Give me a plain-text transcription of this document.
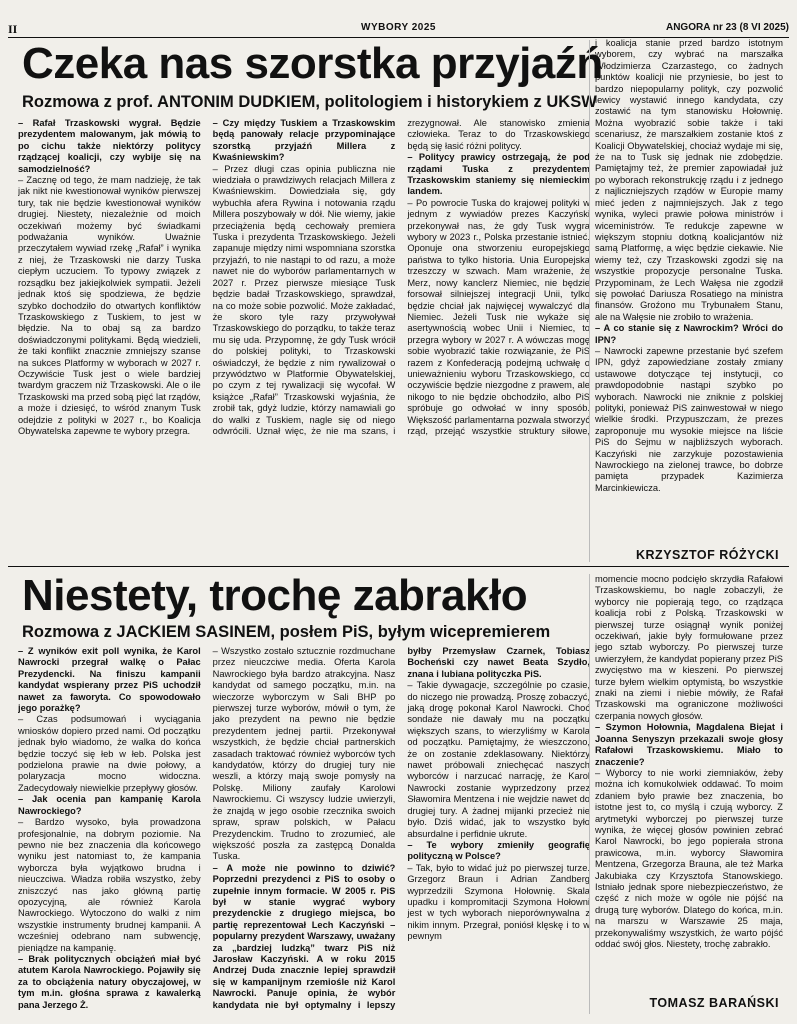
II	WYBORY 2025	ANGORA nr 23 (8 VI 2025)
Czeka nas szorstka przyjaźń
Rozmowa z prof. ANTONIM DUDKIEM, politologiem i historykiem z UKSW

– Rafał Trzaskowski wygrał. Będzie prezydentem malowanym, jak mówią to po cichu także niektórzy politycy rządzącej koalicji, czy wybije się na samodzielność?

– Zacznę od tego, że mam nadzieję, że tak jak nikt nie kwestionował wyników pierwszej tury, tak nie będzie kwestionował wyników drugiej. Niestety, niezależnie od moich oczekiwań możemy być świadkami podważania wyników. Uważnie przeczytałem wywiad rzekę „Rafał” i wynika z niej, że Trzaskowski nie darzy Tuska ciepłym uczuciem. To typowy związek z rozsądku bez jakiejkolwiek sympatii. Jeżeli jednak ktoś się spodziewa, że będzie szybko dochodziło do otwartych konfliktów Trzaskowskiego z Tuskiem, to jest w błędzie. Na to obaj są za bardzo doświadczonymi politykami. Będą wiedzieli, że taki konflikt znacznie zmniejszy szanse na sukces Platformy w wyborach w 2027 r. Oczywiście Tusk jest o wiele bardziej twardym graczem niż Trzaskowski. Ale o ile Trzaskowski ma przed sobą pięć lat rządów, a może i dziesięć, to wśród znanym Tusk odejdzie z polityki w 2027 r., bo Koalicja Obywatelska zapewne te wybory przegra.

– Czy między Tuskiem a Trzaskowskim będą panowały relacje przypominające szorstką przyjaźń Millera z Kwaśniewskim?

– Przez długi czas opinia publiczna nie wiedziała o prawdziwych relacjach Millera z Kwaśniewskim. Dowiedziała się, gdy wybuchła afera Rywina i notowania rządu Millera poszybowały w dół. Nie wiemy, jakie przeciążenia będą cechowały premiera Tuska i prezydenta Trzaskowskiego. Jeżeli zapanuje między nimi wspomniana szorstka przyjaźń, to nie nastąpi to od razu, a może nawet nie do wyborów parlamentarnych w 2027 r. Przez pierwsze miesiące Tusk będzie badał Trzaskowskiego, sprawdzał, na co może sobie pozwolić. Może zakładać, że skoro tyle razy przywoływał Trzaskowskiego do porządku, to także teraz mu się uda. Przypomnę, że gdy Tusk wrócił do polskiej polityki, to Trzaskowski oświadczył, że będzie z nim rywalizował o przywództwo w Platformie Obywatelskiej, po czym z tej rywalizacji się wycofał. W książce „Rafał” Trzaskowski wyjaśnia, że zrobił tak, gdyż ludzie, którzy namawiali go do walki z Tuskiem, nagle się od niego odwrócili. Uznał więc, że nie ma szans, i zrezygnował. Ale stanowisko zmienia człowieka. Teraz to do Trzaskowskiego będą się łasić różni politycy.

– Politycy prawicy ostrzegają, że pod rządami Tuska z prezydentem Trzaskowskim staniemy się niemieckim landem.

– Po powrocie Tuska do krajowej polityki w jednym z wywiadów prezes Kaczyński przekonywał nas, że gdy Tusk wygra wybory w 2023 r., Polska przestanie istnieć. Oponuje ona stworzeniu europejskiego państwa to tylko historia. Unia Europejska trzeszczy w szwach. Mam wrażenie, że Merz, nowy kanclerz Niemiec, nie będzie forsował silniejszej integracji Unii, tylko będzie chciał jak najwięcej wywalczyć dla Niemiec. Jeżeli Tusk nie wykaże się asertywnością wobec Unii i Niemiec, to przegra wybory w 2027 r. A wówczas mogę sobie wyobrazić takie rozwiązanie, że PiS razem z Konfederacją podejmą uchwałę o unieważnieniu wyboru Trzaskowskiego, co oczywiście będzie niezgodne z prawem, ale nikogo to nie będzie obchodziło, albo PiS spróbuje go odwołać w inny sposób. Większość parlamentarna pozwala stworzyć rząd, przejąć wszystkie struktury siłowe,

i koalicja stanie przed bardzo istotnym wyborem, czy wybrać na marszałka Włodzimierza Czarzastego, co żadnych punktów koalicji nie przyniesie, bo jest to bardzo niepopularny polityk, czy pozwolić lewicy wystawić innego kandydata, czy zostawić na tym stanowisku Hołownię. Można wyobrazić sobie także i taki scenariusz, że marszałkiem zostanie ktoś z Koalicji Obywatelskiej, chociaż wydaje mi się, że na to Tusk się jednak nie zdobędzie. Pamiętajmy też, że premier zapowiadał już po wyborach rekonstrukcję rządu i z jednego z najliczniejszych rządów w Europie mamy mieć jeden z najmniejszych. Jak z tego wynika, wyleci prawie połowa ministrów i wiceministrów. Te redukcje zapewne w większym stopniu dotkną koalicjantów niż samą Platformę, a więc będzie ciekawie. Nie wiemy też, czy Trzaskowski zgodzi się na wszystkie propozycje personalne Tuska. Przypominam, że Lech Wałęsa nie zgodził się powołać Dariusza Rosatiego na ministra finansów. Groźono mu Trybunałem Stanu, ale na Wałęsie nie zrobiło to wrażenia.

– A co stanie się z Nawrockim? Wróci do IPN?

– Nawrocki zapewne przestanie być szefem IPN, gdyż zapowiedziane zostały zmiany ustawowe dotyczące tej instytucji, co prawdopodobnie nastąpi szybko po wyborach. Nawrocki nie zniknie z polskiej polityki, ponieważ PiS zainwestował w niego wielkie środki. Przypuszczam, że prezes zaproponuje mu wysokie miejsce na liście PiS do Sejmu w najbliższych wyborach. Kaczyński nie zarzykuje pozostawienia Nawrockiego na zielonej trawce, bo dobrze pamięta przypadek Kazimierza Marcinkiewicza.

KRZYSZTOF RÓŻYCKI
Niestety, trochę zabrakło
Rozmowa z JACKIEM SASINEM, posłem PiS, byłym wicepremierem

– Z wyników exit poll wynika, że Karol Nawrocki przegrał walkę o Pałac Prezydencki. Na finiszu kampanii kandydat wspierany przez PiS uchodził nawet za faworyta. Co spowodowało jego porażkę?

– Czas podsumowań i wyciągania wniosków dopiero przed nami. Od początku jednak było wiadomo, że walka do końca będzie toczyć się łeb w łeb. Polska jest podzielona prawie na dwie połowy, a polaryzacja mocno widoczna. Zadecydowały niewielkie przepływy głosów.

– Jak ocenia pan kampanię Karola Nawrockiego?

– Bardzo wysoko, była prowadzona profesjonalnie, na dobrym poziomie. Na pewno nie bez znaczenia dla końcowego wyniku jest natomiast to, że kampania wyborcza była wyjątkowo brudna i nieuczciwa. Władza robiła wszystko, żeby zniszczyć nas jako główną partię opozycyjną, ale również Karola Nawrockiego. Wytoczono do walki z nim wszystkie instrumenty brudnej kampanii. A wcześniej odebrano nam subwencję, pieniądze na kampanię.

– Brak politycznych obciążeń miał być atutem Karola Nawrockiego. Pojawiły się za to obciążenia natury obyczajowej, w tym m.in. głośna sprawa z kawalerką pana Jerzego Ż.

– Wszystko zostało sztucznie rozdmuchane przez nieuczciwe media. Oferta Karola Nawrockiego była bardzo atrakcyjna. Nasz kandydat od samego początku, m.in. na wieczorze wyborczym w Sali BHP po pierwszej turze wyborów, mówił o tym, że jako prezydent na pewno nie będzie prezydentem jednej partii. Przekonywał wszystkich, że będzie chciał partnerskich zasadach traktować również wyborców tych kandydatów, którzy do drugiej tury nie weszli, a którzy mają swoje pomysły na Polskę. Miliony zaufały Karolowi Nawrockiemu. Ci wszyscy ludzie uwierzyli, że znajdą w jego osobie rzecznika swoich spraw, spraw polskich, w Pałacu Prezydenckim. Trudno to zrozumieć, ale większość poszła za zastępcą Donalda Tuska.

– A może nie powinno to dziwić? Poprzedni prezydenci z PiS to osoby o zupełnie innym formacie. W 2005 r. PiS był w stanie wygrać wybory prezydenckie z drugiego miejsca, bo partię reprezentował Lech Kaczyński – popularny prezydent Warszawy, uważany za „bardziej ludzką” twarz PiS niż Jarosław Kaczyński. A w roku 2015 Andrzej Duda znacznie lepiej sprawdził się w kampanijnym rzemiośle niż Karol Nawrocki. Panuje opinia, że wybór kandydata nie był optymalny i lepszy byłby Przemysław Czarnek, Tobiasz Bocheński czy nawet Beata Szydło, znana i lubiana polityczka PiS.

– Takie dywagacje, szczególnie po czasie, do niczego nie prowadzą. Proszę zobaczyć, jaką drogę pokonał Karol Nawrocki. Choć sondaże nie dawały mu na początku większych szans, to wierzyliśmy w Karola od początku. Pamiętajmy, że wieszczono, że on zostanie zdeklasowany. Niektórzy nawet próbowali zniechęcać naszych wyborców i narzucać narrację, że Karol Nawrocki zostanie wyprzedzony przez Sławomira Mentzena i nie wejdzie nawet do drugiej tury. A żadnej mijanki przecież nie było. Dziś widać, jak to wszystko było absurdalne i perfidnie ukrute.

– Te wybory zmieniły geografię polityczną w Polsce?

– Tak, było to widać już po pierwszej turze. Grzegorz Braun i Adrian Zandberg wyprzedzili Szymona Hołownię. Skala upadku i kompromitacji Szymona Hołowni jest w tych wyborach nieporównywalna z nikim innym. Przegrał, poniósł klęskę i to w pewnym

momencie mocno podcięło skrzydła Rafałowi Trzaskowskiemu, bo nagle zobaczyli, że wyborcy nie popierają tego, co rządząca koalicja robi z Polską. Trzaskowski w pierwszej turze osiągnął wynik poniżej oczekiwań, jakie były formułowane przez jego sztab wyborczy. Po pierwszej turze uwierzyłem, że kandydat popierany przez PiS zwycięstwo ma w kieszeni. Po pierwszej turze byłem wielkim optymistą, bo wszystkie znaki na ziemi i niebie mówiły, że Rafał Trzaskowski ma ograniczone możliwości czerpania nowych głosów.

– Szymon Hołownia, Magdalena Biejat i Joanna Senyszyn przekazali swoje głosy Rafałowi Trzaskowskiemu. Miało to znaczenie?

– Wyborcy to nie worki ziemniaków, żeby można ich komukolwiek oddawać. To moim zdaniem było prawie bez znaczenia, bo istotne jest to, co myślą i czują wyborcy. Z arytmetyki wyborczej po pierwszej turze wynika, że więcej głosów powinien zebrać Karol Nawrocki, bo jego popierała strona prawicowa, m.in. wyborcy Sławomira Mentzena, Grzegorza Brauna, ale też Marka Jakubiaka czy Krzysztofa Stanowskiego. Istniało jednak spore niebezpieczeństwo, że część z nich może w ogóle nie pójść na drugą turę wyborów. Dlatego do końca, m.in. na marszu w Warszawie 25 maja, przekonywaliśmy wszystkich, że warto pójść oddać swój głos. Niestety, trochę zabrakło.

TOMASZ BARAŃSKI
